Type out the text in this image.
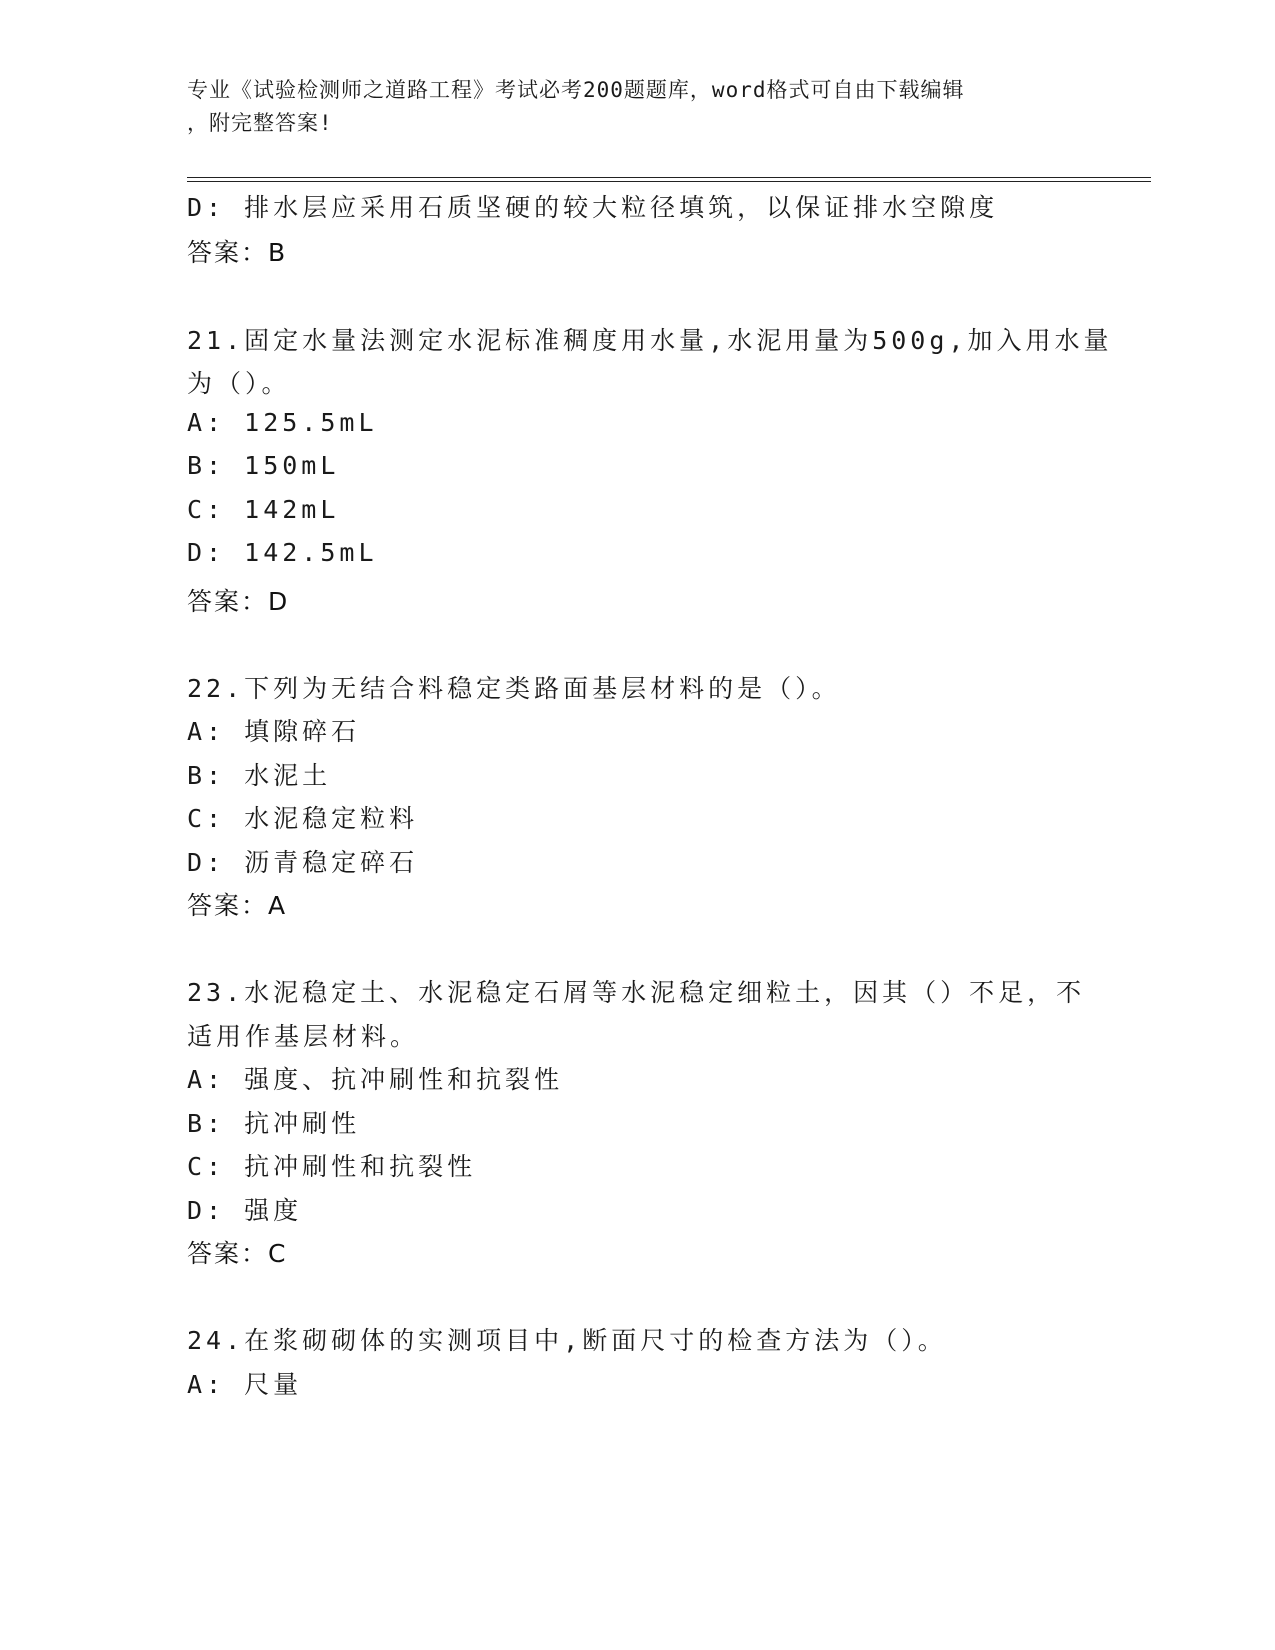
专业《试验检测师之道路工程》考试必考200题题库，word格式可自由下载编辑
，附完整答案!
D: 排水层应采用石质坚硬的较大粒径填筑，以保证排水空隙度
答案：B
21.固定水量法测定水泥标准稠度用水量,水泥用量为500g,加入用水量
为（）。
A: 125.5mL
B: 150mL
C: 142mL
D: 142.5mL
答案：D
22.下列为无结合料稳定类路面基层材料的是（）。
A: 填隙碎石
B: 水泥土
C: 水泥稳定粒料
D: 沥青稳定碎石
答案：A
23.水泥稳定土、水泥稳定石屑等水泥稳定细粒土，因其（）不足，不
适用作基层材料。
A: 强度、抗冲刷性和抗裂性
B: 抗冲刷性
C: 抗冲刷性和抗裂性
D: 强度
答案：C
24.在浆砌砌体的实测项目中,断面尺寸的检查方法为（）。
A: 尺量
